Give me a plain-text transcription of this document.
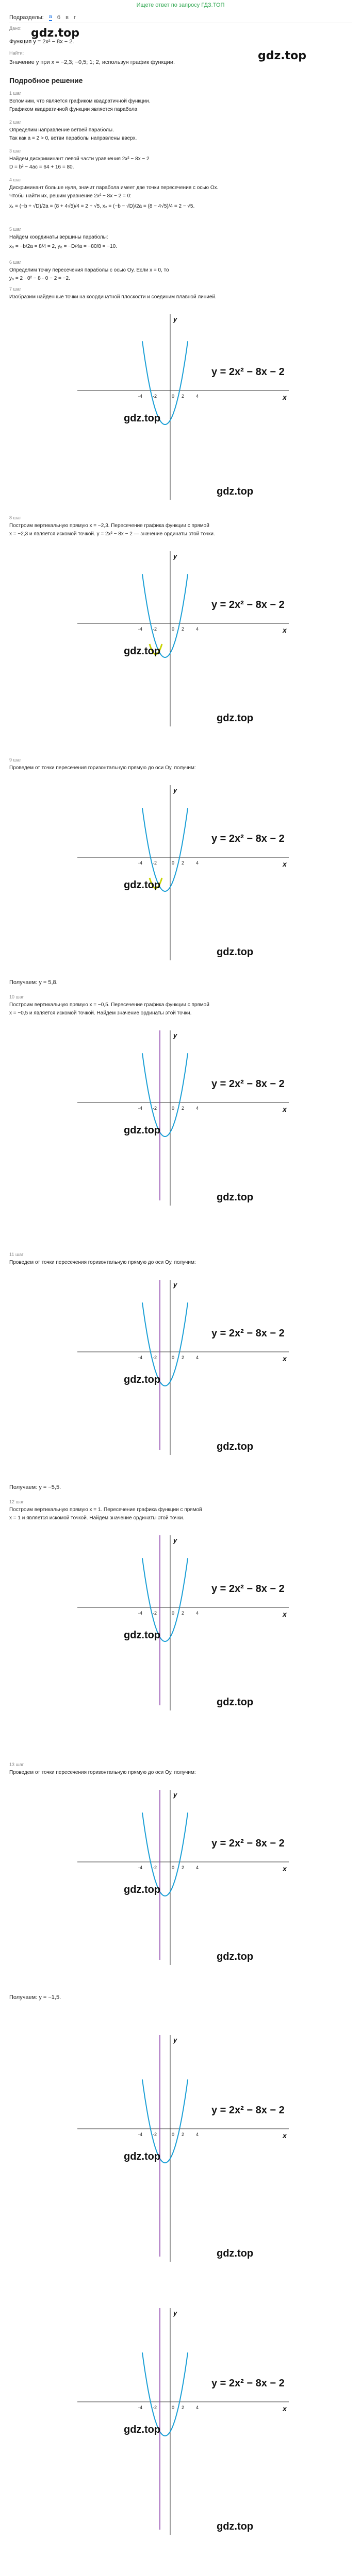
Ищете ответ по запросу ГДЗ.ТОП
Подразделы: а б в г
Дано: gdz.top
Функция y = 2x² − 8x − 2.
Найти:	gdz.top
Значение y при x = −2,3; −0,5; 1; 2, используя график функции.
Подробное решение
1 шаг
Вспомним, что является графиком квадратичной функции.
Графиком квадратичной функции является парабола
2 шаг
Определим направление ветвей параболы.
Так как a = 2 > 0, ветви параболы направлены вверх.
3 шаг
Найдем дискриминант левой части уравнения 2x² − 8x − 2
D = b² − 4ac = 64 + 16 = 80.
4 шаг
Дискриминант больше нуля, значит парабола имеет две точки пересечения с осью Ox.
Чтобы найти их, решим уравнение 2x² − 8x − 2 = 0:
x₁ = (−b + √D)/2a = (8 + 4√5)/4 = 2 + √5, x₂ = (−b − √D)/2a = (8 − 4√5)/4 = 2 − √5.
5 шаг
Найдем координаты вершины параболы:
x₀ = −b/2a = 8/4 = 2, y₀ = −D/4a = −80/8 = −10.
6 шаг
Определим точку пересечения параболы с осью Oy. Если x = 0, то
y₀ = 2 · 0² − 8 · 0 − 2 = −2.
7 шаг
Изобразим найденные точки на координатной плоскости и соединим плавной линией.
x
y
-4 -2	2	4
0
y = 2x² − 8x − 2
gdz.top
gdz.top
8 шаг
Построим вертикальную прямую x = −2,3. Пересечение графика функции с прямой
x = −2,3 и является искомой точкой. y = 2x² − 8x − 2 — значение ординаты этой точки.
x
y
-4 -2	2	4
0
y = 2x² − 8x − 2
gdz.top
gdz.top
9 шаг
Проведем от точки пересечения горизонтальную прямую до оси Oy, получим:
x
y
-4 -2	2	4
0
y = 2x² − 8x − 2
gdz.top
gdz.top
Получаем: y = 5,8.
10 шаг
Построим вертикальную прямую x = −0,5. Пересечение графика функции с прямой
x = −0,5 и является искомой точкой. Найдем значение ординаты этой точки.
x
y
-4 -2	2	4
0
y = 2x² − 8x − 2
gdz.top
gdz.top
11 шаг
Проведем от точки пересечения горизонтальную прямую до оси Oy, получим:
x
y
-4 -2	2	4
0
y = 2x² − 8x − 2
gdz.top
gdz.top
Получаем: y = −5,5.
12 шаг
Построим вертикальную прямую x = 1. Пересечение графика функции с прямой
x = 1 и является искомой точкой. Найдем значение ординаты этой точки.
x
y
-4 -2	2	4
0
y = 2x² − 8x − 2
gdz.top
gdz.top
13 шаг
Проведем от точки пересечения горизонтальную прямую до оси Oy, получим:
x
y
-4 -2	2	4
0
y = 2x² − 8x − 2
gdz.top
gdz.top
Получаем: y = −1,5.
x
y
-4 -2	2	4
0
y = 2x² − 8x − 2
gdz.top
gdz.top
x
y
-4 -2	2	4
0
y = 2x² − 8x − 2
gdz.top
gdz.top
